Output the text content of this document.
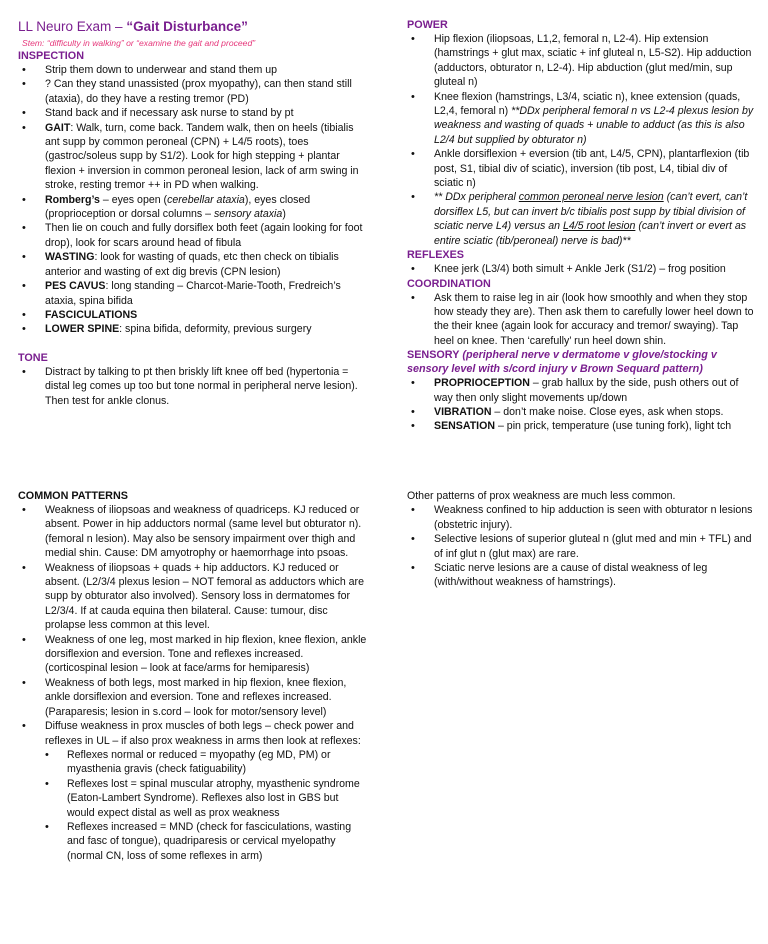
LL Neuro Exam – “Gait Disturbance”
Stem: “difficulty in walking” or “examine the gait and proceed”
INSPECTION
• Strip them down to underwear and stand them up
• ? Can they stand unassisted (prox myopathy), can then stand still (ataxia), do they have a resting tremor (PD)
• Stand back and if necessary ask nurse to stand by pt
• GAIT: Walk, turn, come back. Tandem walk, then on heels (tibialis ant supp by common peroneal (CPN) + L4/5 roots), toes (gastroc/soleus supp by S1/2). Look for high stepping + plantar flexion + inversion in common peroneal lesion, lack of arm swing in stroke, resting tremor ++ in PD when walking.
• Romberg’s – eyes open (cerebellar ataxia), eyes closed (proprioception or dorsal columns – sensory ataxia)
• Then lie on couch and fully dorsiflex both feet (again looking for foot drop), look for scars around head of fibula
• WASTING: look for wasting of quads, etc then check on tibialis anterior and wasting of ext dig brevis (CPN lesion)
• PES CAVUS: long standing – Charcot-Marie-Tooth, Fredreich’s ataxia, spina bifida
• FASCICULATIONS
• LOWER SPINE: spina bifida, deformity, previous surgery
TONE
• Distract by talking to pt then briskly lift knee off bed (hypertonia = distal leg comes up too but tone normal in peripheral nerve lesion). Then test for ankle clonus.
POWER
• Hip flexion (iliopsoas, L1,2, femoral n, L2-4). Hip extension (hamstrings + glut max, sciatic + inf gluteal n, L5-S2). Hip adduction (adductors, obturator n, L2-4). Hip abduction (glut med/min, sup gluteal n)
• Knee flexion (hamstrings, L3/4, sciatic n), knee extension (quads, L2,4, femoral n) **DDx peripheral femoral n vs L2-4 plexus lesion by weakness and wasting of quads + unable to adduct (as this is also L2/4 but supplied by obturator n)
• Ankle dorsiflexion + eversion (tib ant, L4/5, CPN), plantarflexion (tib post, S1, tibial div of sciatic), inversion (tib post, L4, tibial div of sciatic n)
• ** DDx peripheral common peroneal nerve lesion (can’t evert, can’t dorsiflex L5, but can invert b/c tibialis post supp by tibial division of sciatic nerve L4) versus an L4/5 root lesion (can’t invert or evert as entire sciatic (tib/peroneal) nerve is bad)**
REFLEXES
• Knee jerk (L3/4) both simult + Ankle Jerk (S1/2) – frog position
COORDINATION
• Ask them to raise leg in air (look how smoothly and when they stop how steady they are). Then ask them to carefully lower heel down to the their knee (again look for accuracy and tremor/ swaying). Tap heel on knee. Then ‘carefully’ run heel down shin.
SENSORY (peripheral nerve v dermatome v glove/stocking v sensory level with s/cord injury v Brown Sequard pattern)
• PROPRIOCEPTION – grab hallux by the side, push others out of way then only slight movements up/down
• VIBRATION – don’t make noise. Close eyes, ask when stops.
• SENSATION – pin prick, temperature (use tuning fork), light tch
COMMON PATTERNS
• Weakness of iliopsoas and weakness of quadriceps. KJ reduced or absent. Power in hip adductors normal (same level but obturator n). (femoral n lesion). May also be sensory impairment over thigh and medial shin. Cause: DM amyotrophy or haemorrhage into psoas.
• Weakness of iliopsoas + quads + hip adductors. KJ reduced or absent. (L2/3/4 plexus lesion – NOT femoral as adductors which are supp by obturator also involved). Sensory loss in dermatomes for L2/3/4. If at cauda equina then bilateral. Cause: tumour, disc prolapse less common at this level.
• Weakness of one leg, most marked in hip flexion, knee flexion, ankle dorsiflexion and eversion. Tone and reflexes increased. (corticospinal lesion – look at face/arms for hemiparesis)
• Weakness of both legs, most marked in hip flexion, knee flexion, ankle dorsiflexion and eversion. Tone and reflexes increased. (Paraparesis; lesion in s.cord – look for motor/sensory level)
• Diffuse weakness in prox muscles of both legs – check power and reflexes in UL – if also prox weakness in arms then look at reflexes:
• Reflexes normal or reduced = myopathy (eg MD, PM) or myasthenia gravis (check fatiguability)
• Reflexes lost = spinal muscular atrophy, myasthenic syndrome (Eaton-Lambert Syndrome). Reflexes also lost in GBS but would expect distal as well as prox weakness
• Reflexes increased = MND (check for fasciculations, wasting and fasc of tongue), quadriparesis or cervical myelopathy (normal CN, loss of some reflexes in arm)
Other patterns of prox weakness are much less common.
• Weakness confined to hip adduction is seen with obturator n lesions (obstetric injury).
• Selective lesions of superior gluteal n (glut med and min + TFL) and of inf glut n (glut max) are rare.
• Sciatic nerve lesions are a cause of distal weakness of leg (with/without weakness of hamstrings).
